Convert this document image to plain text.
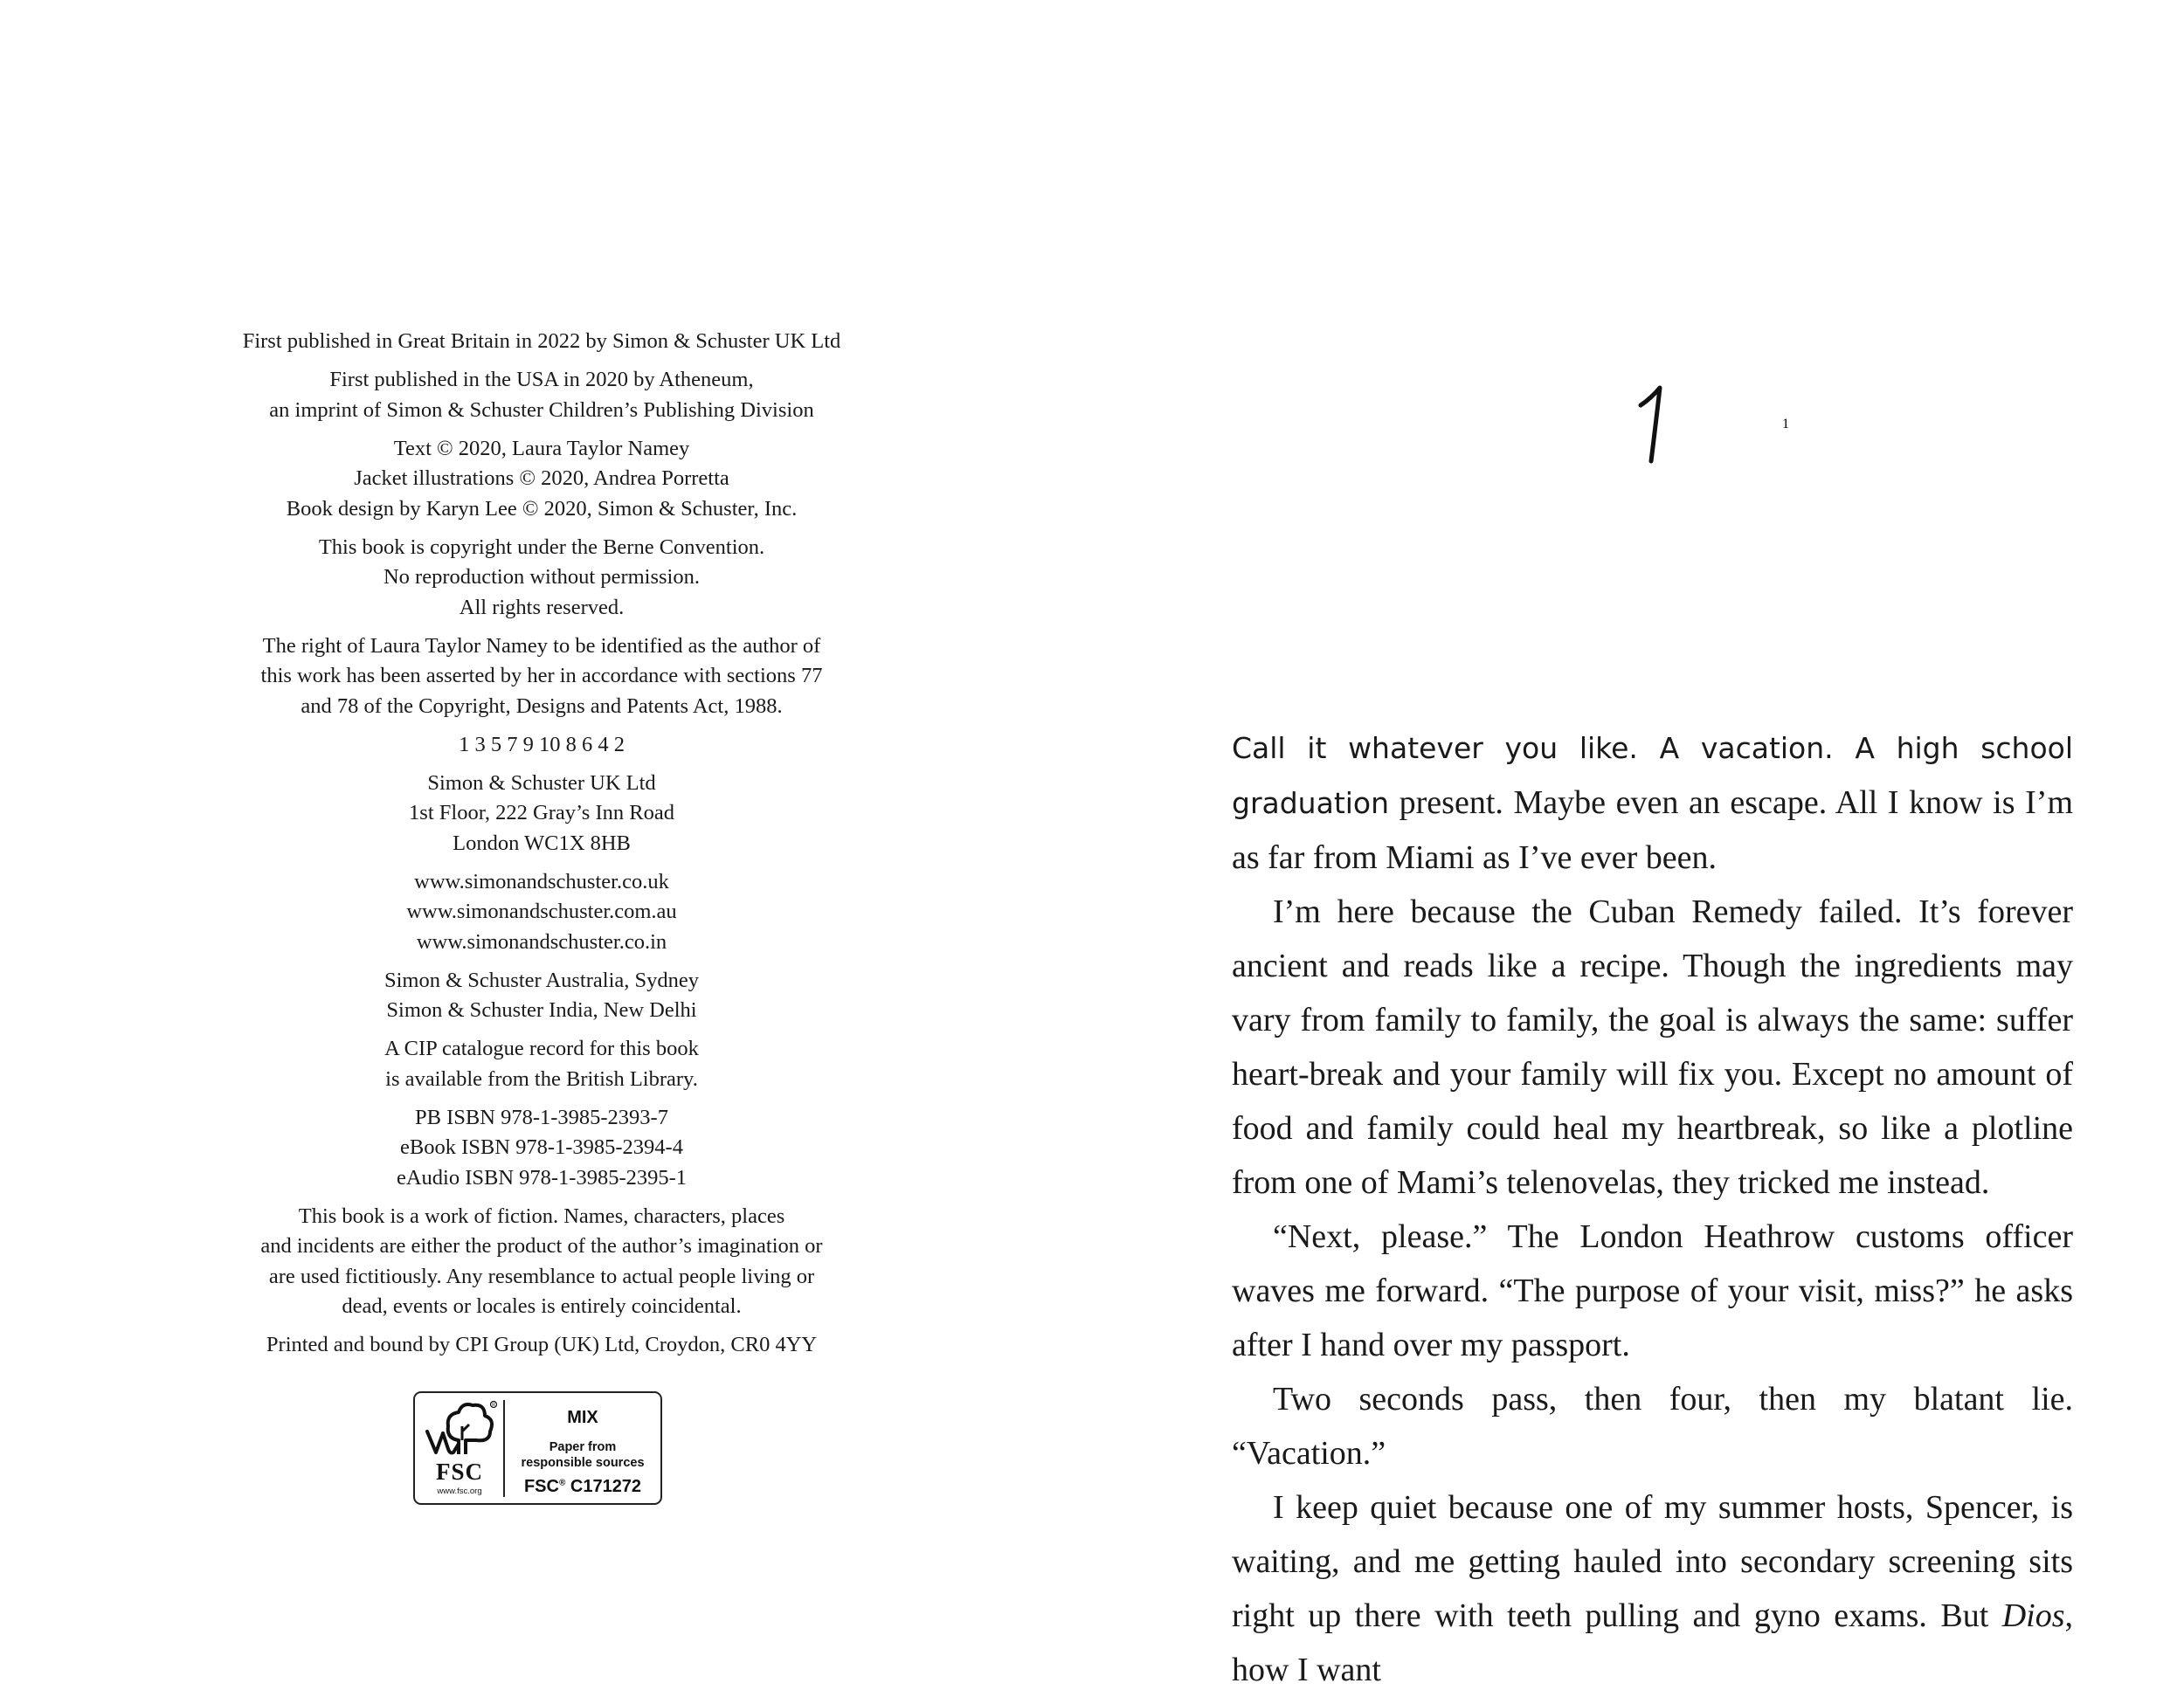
First published in Great Britain in 2022 by Simon & Schuster UK Ltd
First published in the USA in 2020 by Atheneum,
an imprint of Simon & Schuster Children’s Publishing Division
Text © 2020, Laura Taylor Namey
Jacket illustrations © 2020, Andrea Porretta
Book design by Karyn Lee © 2020, Simon & Schuster, Inc.
This book is copyright under the Berne Convention.
No reproduction without permission.
All rights reserved.
The right of Laura Taylor Namey to be identified as the author of
this work has been asserted by her in accordance with sections 77
and 78 of the Copyright, Designs and Patents Act, 1988.
1 3 5 7 9 10 8 6 4 2
Simon & Schuster UK Ltd
1st Floor, 222 Gray’s Inn Road
London WC1X 8HB
www.simonandschuster.co.uk
www.simonandschuster.com.au
www.simonandschuster.co.in
Simon & Schuster Australia, Sydney
Simon & Schuster India, New Delhi
A CIP catalogue record for this book
is available from the British Library.
PB ISBN 978-1-3985-2393-7
eBook ISBN 978-1-3985-2394-4
eAudio ISBN 978-1-3985-2395-1
This book is a work of fiction. Names, characters, places
and incidents are either the product of the author’s imagination or
are used fictitiously. Any resemblance to actual people living or
dead, events or locales is entirely coincidental.
Printed and bound by CPI Group (UK) Ltd, Croydon, CR0 4YY
R
FSC
www.fsc.org
MIX
Paper from
responsible sources
FSC® C171272
1

Call it whatever you like. A vacation. A high school graduation present. Maybe even an escape. All I know is I’m as far from Miami as I’ve ever been.

I’m here because the Cuban Remedy failed. It’s forever ancient and reads like a recipe. Though the ingredients may vary from family to family, the goal is always the same: suffer heart-break and your family will fix you. Except no amount of food and family could heal my heartbreak, so like a plotline from one of Mami’s telenovelas, they tricked me instead.

“Next, please.” The London Heathrow customs officer waves me forward. “The purpose of your visit, miss?” he asks after I hand over my passport.

Two seconds pass, then four, then my blatant lie. “Vacation.”

I keep quiet because one of my summer hosts, Spencer, is waiting, and me getting hauled into secondary screening sits right up there with teeth pulling and gyno exams. But Dios, how I want
